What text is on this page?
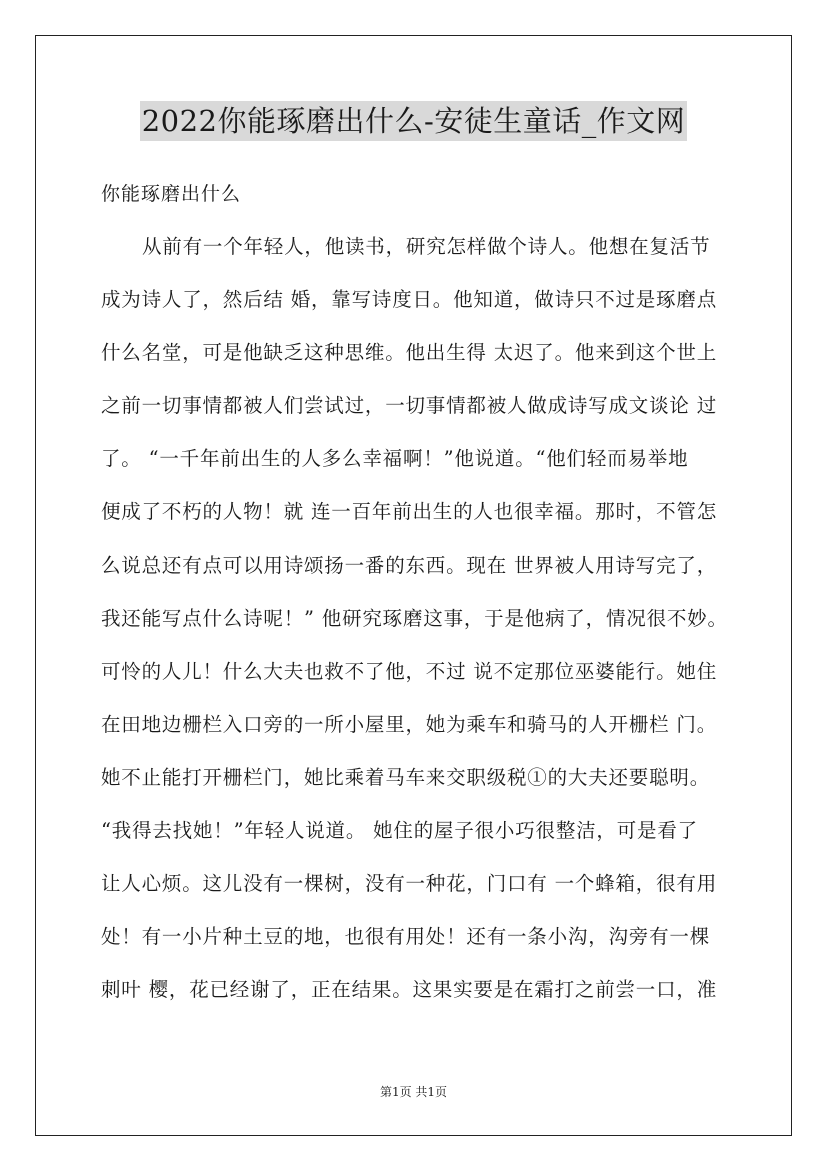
2022你能琢磨出什么-安徒生童话_作文网
你能琢磨出什么
从前有一个年轻人，他读书，研究怎样做个诗人。他想在复活节
成为诗人了，然后结 婚，靠写诗度日。他知道，做诗只不过是琢磨点
什么名堂，可是他缺乏这种思维。他出生得 太迟了。他来到这个世上
之前一切事情都被人们尝试过，一切事情都被人做成诗写成文谈论 过
了。 “一千年前出生的人多么幸福啊！”他说道。“他们轻而易举地
便成了不朽的人物！就 连一百年前出生的人也很幸福。那时，不管怎
么说总还有点可以用诗颂扬一番的东西。现在 世界被人用诗写完了，
我还能写点什么诗呢！” 他研究琢磨这事，于是他病了，情况很不妙。
可怜的人儿！什么大夫也救不了他，不过 说不定那位巫婆能行。她住
在田地边栅栏入口旁的一所小屋里，她为乘车和骑马的人开栅栏 门。
她不止能打开栅栏门，她比乘着马车来交职级税①的大夫还要聪明。
“我得去找她！”年轻人说道。 她住的屋子很小巧很整洁，可是看了
让人心烦。这儿没有一棵树，没有一种花，门口有 一个蜂箱，很有用
处！有一小片种土豆的地，也很有用处！还有一条小沟，沟旁有一棵
刺叶 樱，花已经谢了，正在结果。这果实要是在霜打之前尝一口，准
第1页 共1页
